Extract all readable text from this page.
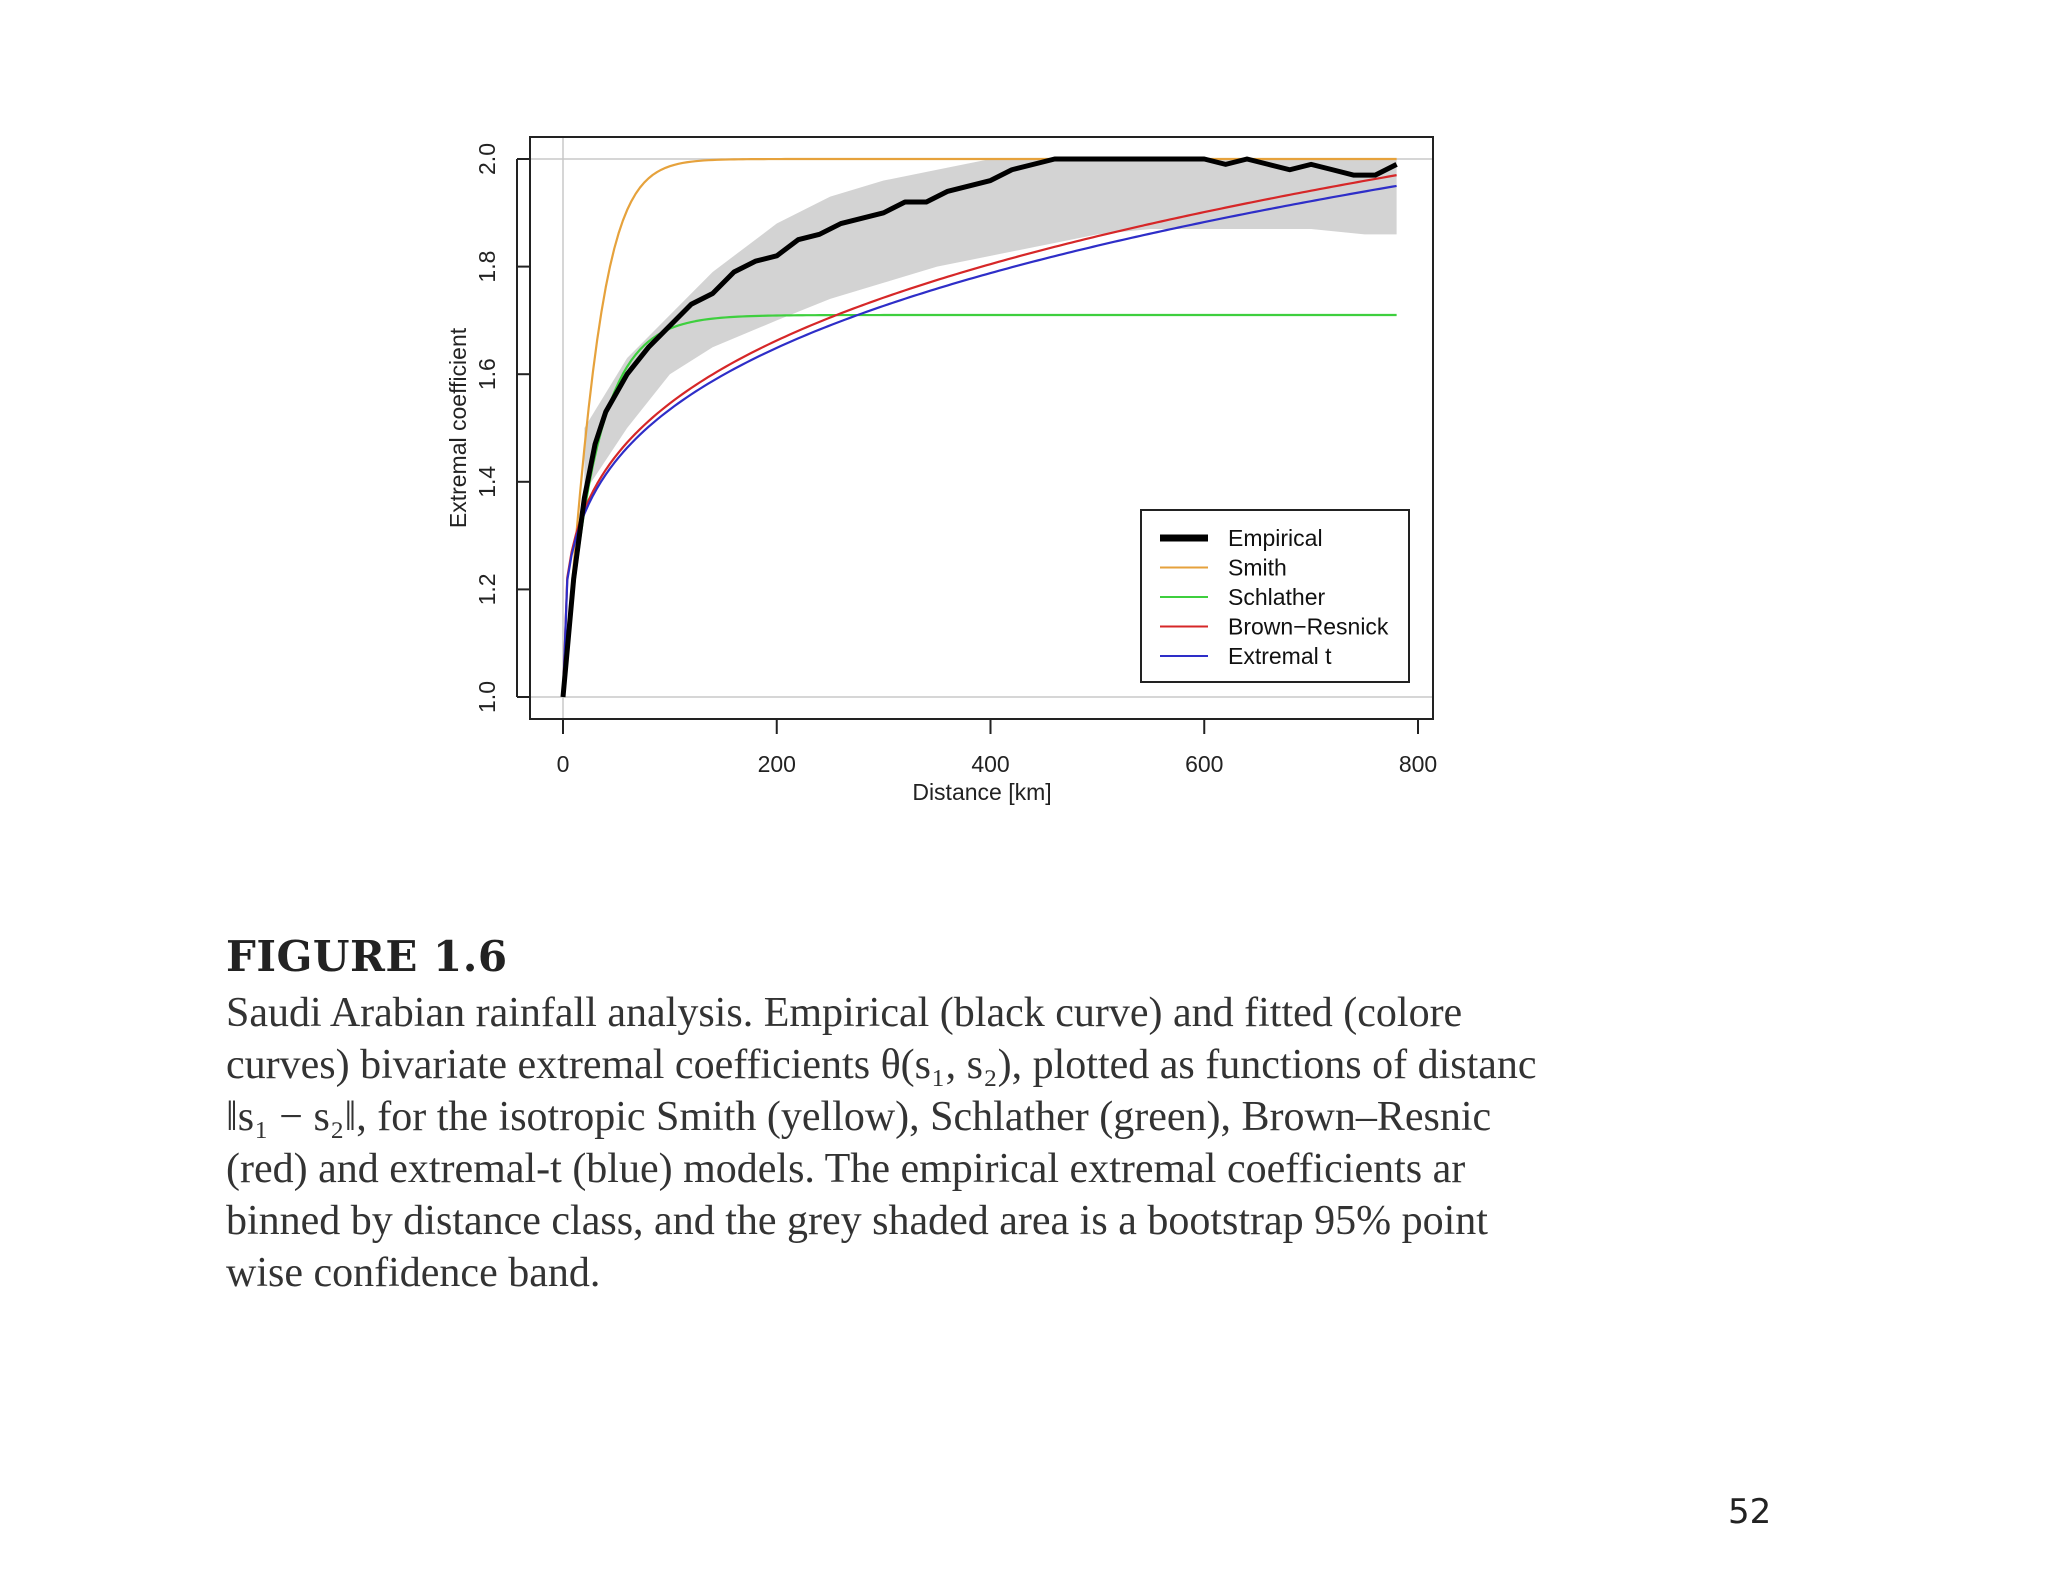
0	200	400	600	800
1.0
1.2
1.4
1.6
1.8
2.0
Distance [km]
Extremal coefficient
Empirical
Smith
Schlather
Brown−Resnick
Extremal t
FIGURE 1.6
Saudi Arabian rainfall analysis. Empirical (black curve) and fitted (colore
curves) bivariate extremal coefficients θ(s₁, s₂), plotted as functions of distanc
‖s₁ − s₂‖, for the isotropic Smith (yellow), Schlather (green), Brown–Resnic
(red) and extremal-t (blue) models. The empirical extremal coefficients ar
binned by distance class, and the grey shaded area is a bootstrap 95% point
wise confidence band.
52
